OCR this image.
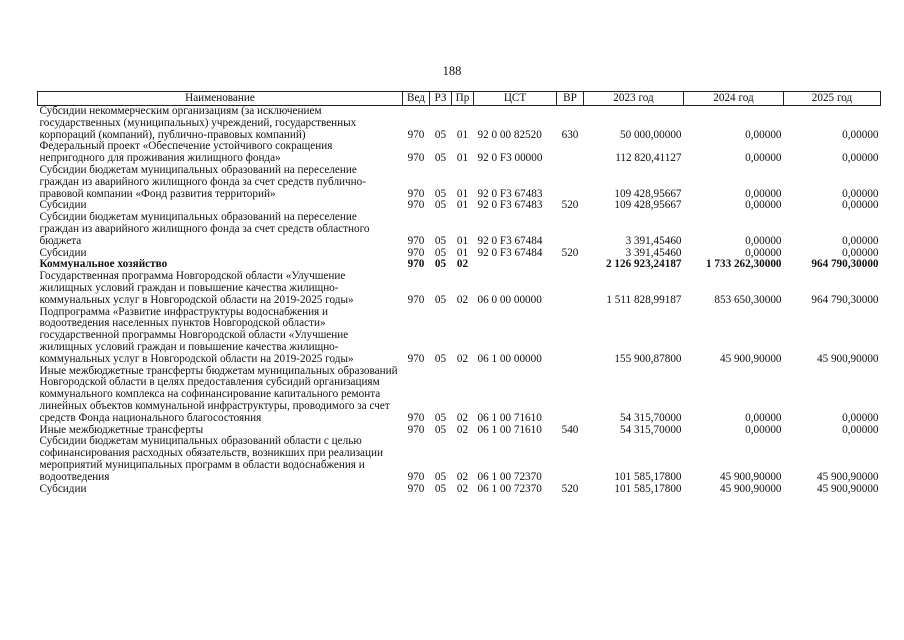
188
Наименование	Вед	РЗ	Пр	ЦСТ	ВР	2023 год	2024 год	2025 год
Субсидии некоммерческим организациям (за исключением государственных (муниципальных) учреждений, государственных корпораций (компаний), публично-правовых компаний)	970	05	01	92 0 00 82520	630	50 000,00000	0,00000	0,00000
Федеральный проект «Обеспечение устойчивого сокращения непригодного для проживания жилищного фонда»	970	05	01	92 0 F3 00000		112 820,41127	0,00000	0,00000
Субсидии бюджетам муниципальных образований на переселение граждан из аварийного жилищного фонда за счет средств публично-правовой компании «Фонд развития территорий»	970	05	01	92 0 F3 67483		109 428,95667	0,00000	0,00000
Субсидии	970	05	01	92 0 F3 67483	520	109 428,95667	0,00000	0,00000
Субсидии бюджетам муниципальных образований на переселение граждан из аварийного жилищного фонда за счет средств областного бюджета	970	05	01	92 0 F3 67484		3 391,45460	0,00000	0,00000
Субсидии	970	05	01	92 0 F3 67484	520	3 391,45460	0,00000	0,00000
Коммунальное хозяйство	970	05	02			2 126 923,24187	1 733 262,30000	964 790,30000
Государственная программа Новгородской области «Улучшение жилищных условий граждан и повышение качества жилищно-коммунальных услуг в Новгородской области на 2019-2025 годы»	970	05	02	06 0 00 00000		1 511 828,99187	853 650,30000	964 790,30000
Подпрограмма «Развитие инфраструктуры водоснабжения и водоотведения населенных пунктов Новгородской области» государственной программы Новгородской области «Улучшение жилищных условий граждан и повышение качества жилищно-коммунальных услуг в Новгородской области на 2019-2025 годы»	970	05	02	06 1 00 00000		155 900,87800	45 900,90000	45 900,90000
Иные межбюджетные трансферты бюджетам муниципальных образований Новгородской области в целях предоставления субсидий организациям коммунального комплекса на софинансирование капитального ремонта линейных объектов коммунальной инфраструктуры, проводимого за счет средств Фонда национального благосостояния	970	05	02	06 1 00 71610		54 315,70000	0,00000	0,00000
Иные межбюджетные трансферты	970	05	02	06 1 00 71610	540	54 315,70000	0,00000	0,00000
Субсидии бюджетам муниципальных образований области с целью софинансирования расходных обязательств, возникших при реализации мероприятий муниципальных программ в области водоснабжения и водоотведения	970	05	02	06 1 00 72370		101 585,17800	45 900,90000	45 900,90000
Субсидии	970	05	02	06 1 00 72370	520	101 585,17800	45 900,90000	45 900,90000
